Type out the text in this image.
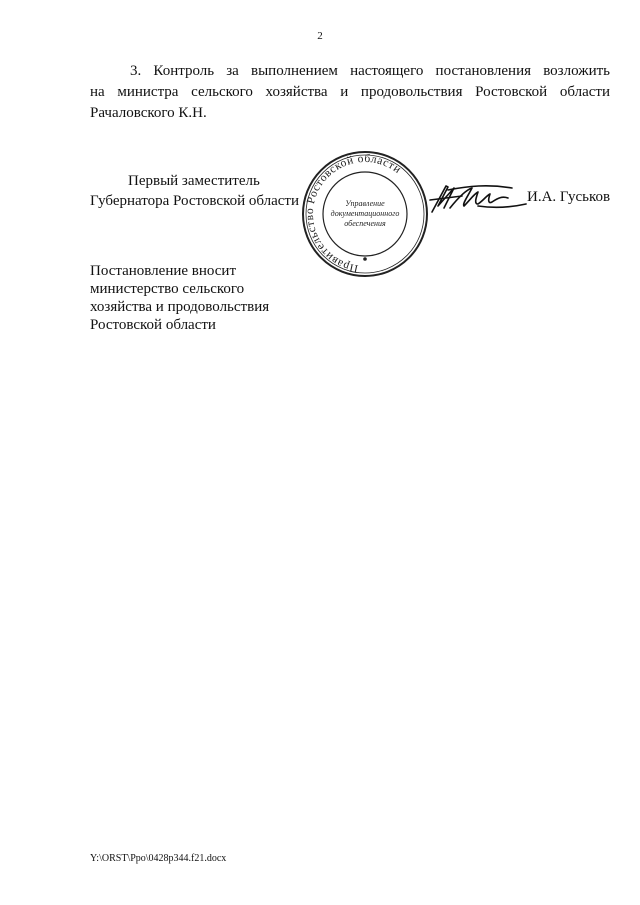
2
3. Контроль за выполнением настоящего постановления возложить
на министра сельского хозяйства и продовольствия Ростовской области
Рачаловского К.Н.
Первый заместитель
Губернатора Ростовской области
Правительство Ростовской области
Управление
документационного
обеспечения
И.А. Гуськов
Постановление вносит
министерство сельского
хозяйства и продовольствия
Ростовской области
Y:\ORST\Ppo\0428p344.f21.docx
